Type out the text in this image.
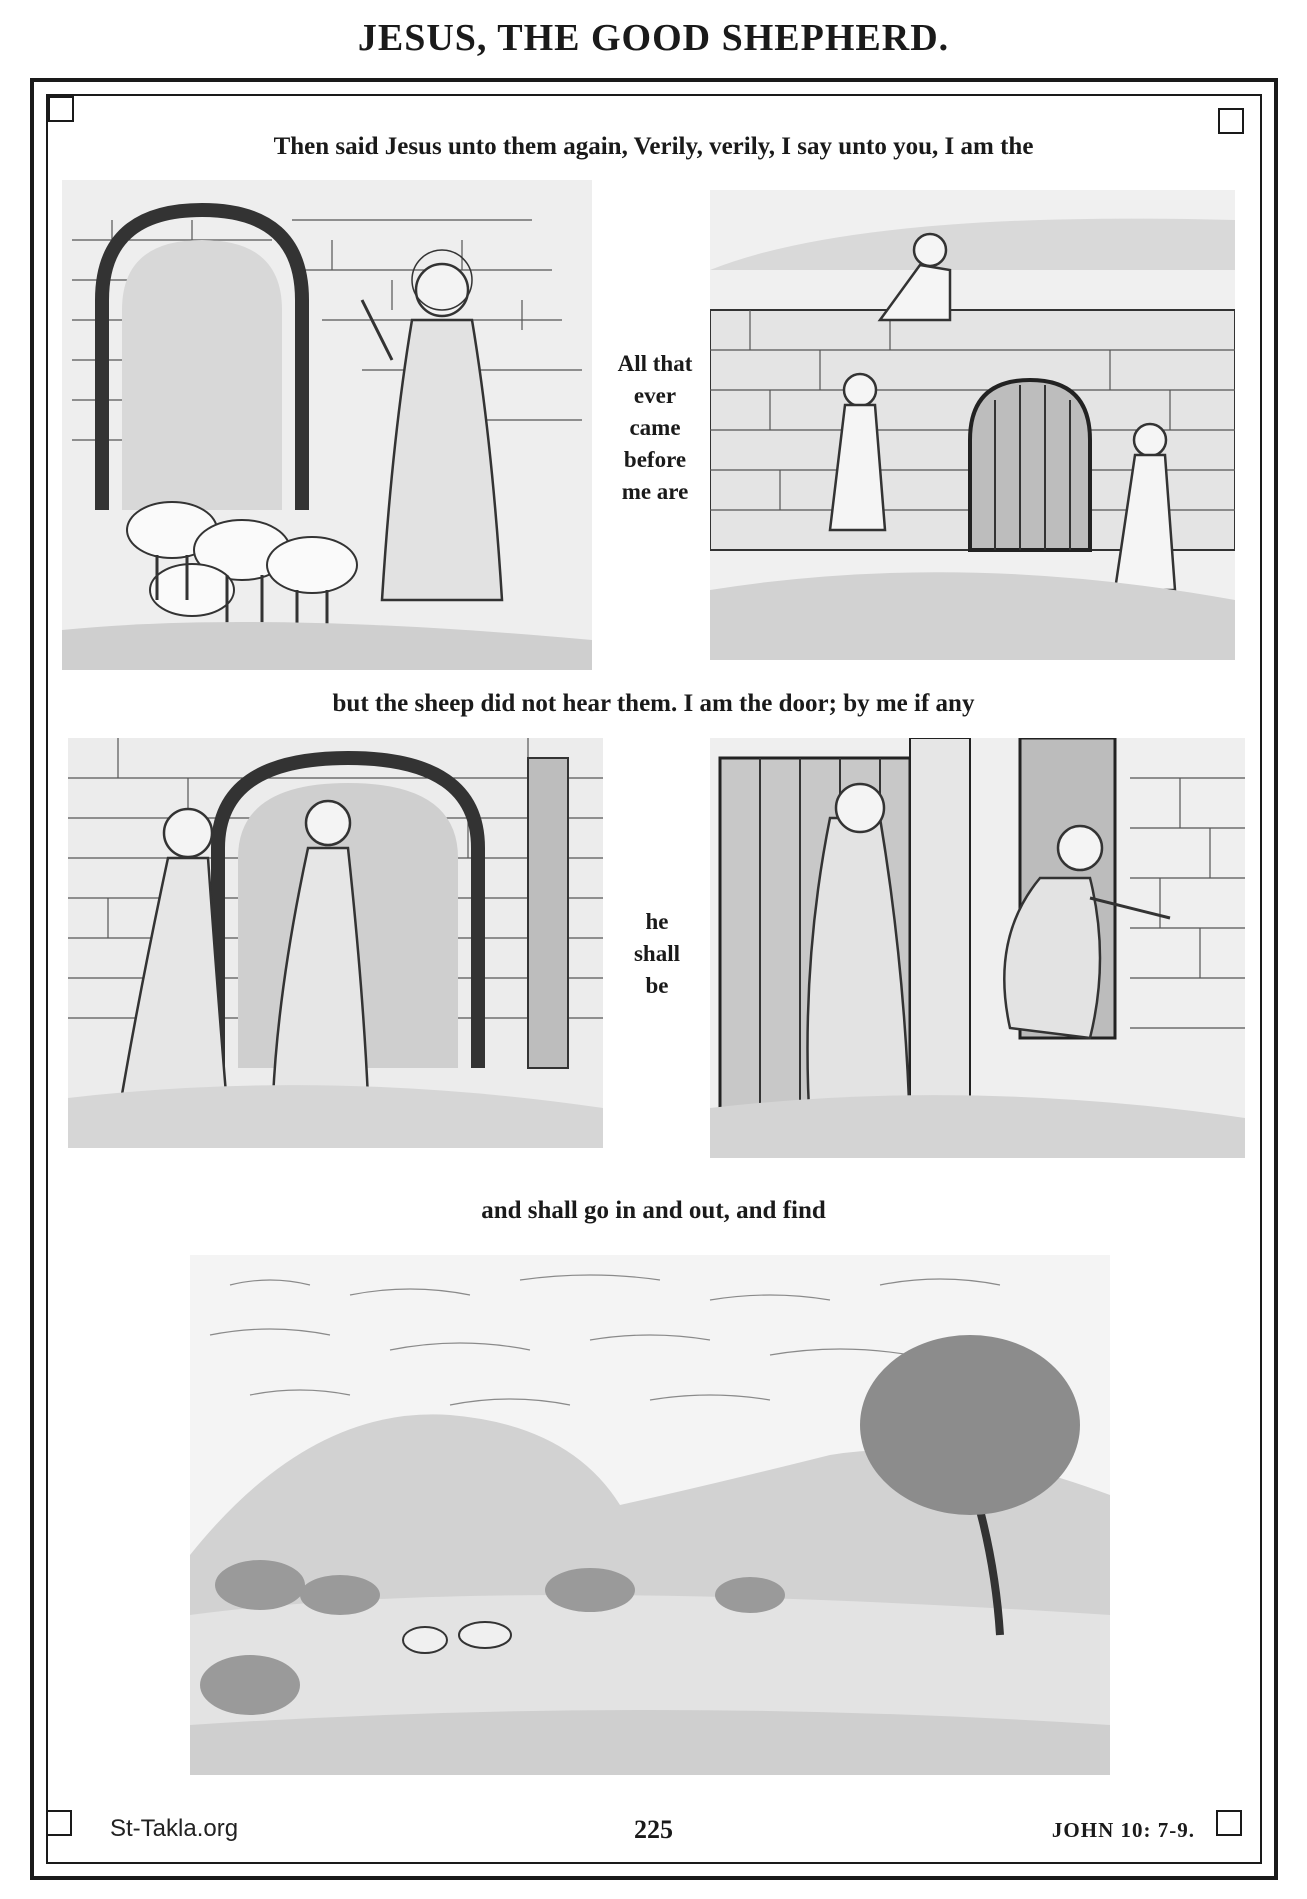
JESUS, THE GOOD SHEPHERD.
Then said Jesus unto them again, Verily, verily, I say unto you, I am the
All that
ever
came
before
me are
but the sheep did not hear them. I am the door; by me if any
he
shall
be
and shall go in and out, and find
St-Takla.org	225	JOHN 10: 7-9.
